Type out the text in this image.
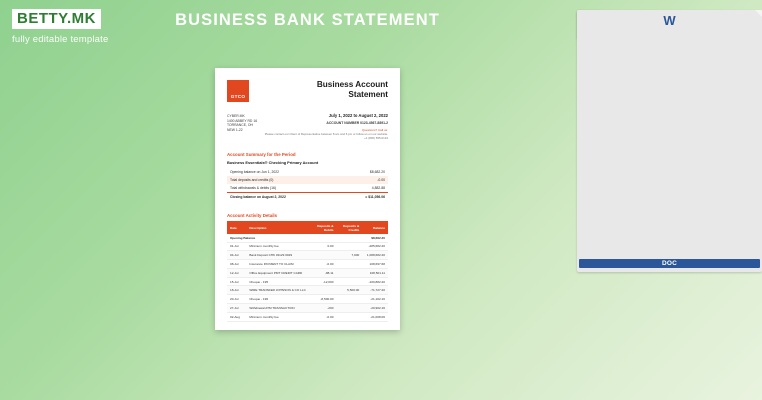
BETTY.MK
fully editable template
BUSINESS BANK STATEMENT	W
DOC
GTCO
Business Account
Statement
CYBER.MK
1400 ABBEY RD 16
TORRANCE, OH
NEW 1-22
July 1, 2022 to August 2, 2022
ACCOUNT NUMBER 0123-4567-8891-2
Questions? Call us:
Please contact our Client of Representative between 8 am and 6 pm or follow us on our website.
+1 (800) 555-0134
Account Summary for the Period
Business Essentials® Checking Primary Account
Opening balance on Jun 1, 2022	$8,682.20
Total deposits and credits (0)	-0.00
Total withdrawals & debits (16)	4,882.88
Closing balance on August 2, 2022	= $11,056.06
Account Activity Details
Date	Description	Deposits & Debits	Deposits & Credits	Balance
Opening Balance				$8,682.20
01-Jul	Minimum monthly fee	0.00		-285,682.20
04-Jul	Bank Deposit CHK #1129 0029		7,000	1,088,682.20
08-Jul	Insurance PAYMENT TO CLAIM	-0.00		108,697.68
12-Jul	Office Equipment PMT CREDIT CARD	-88.11		108,501.11
15-Jul	Cheque - 195	-12,000		-100,882.20
18-Jul	WIRE TRANSFER JOHNSON & CO LLC		5,500.00	-71,727.20
20-Jul	Cheque - 196	-8,500.00		-21,102.16
27-Jul	Withdrawal ATM TRANSACTION	-200		-20,902.16
02-Aug	Minimum monthly fee	-0.00		-21,008.06
